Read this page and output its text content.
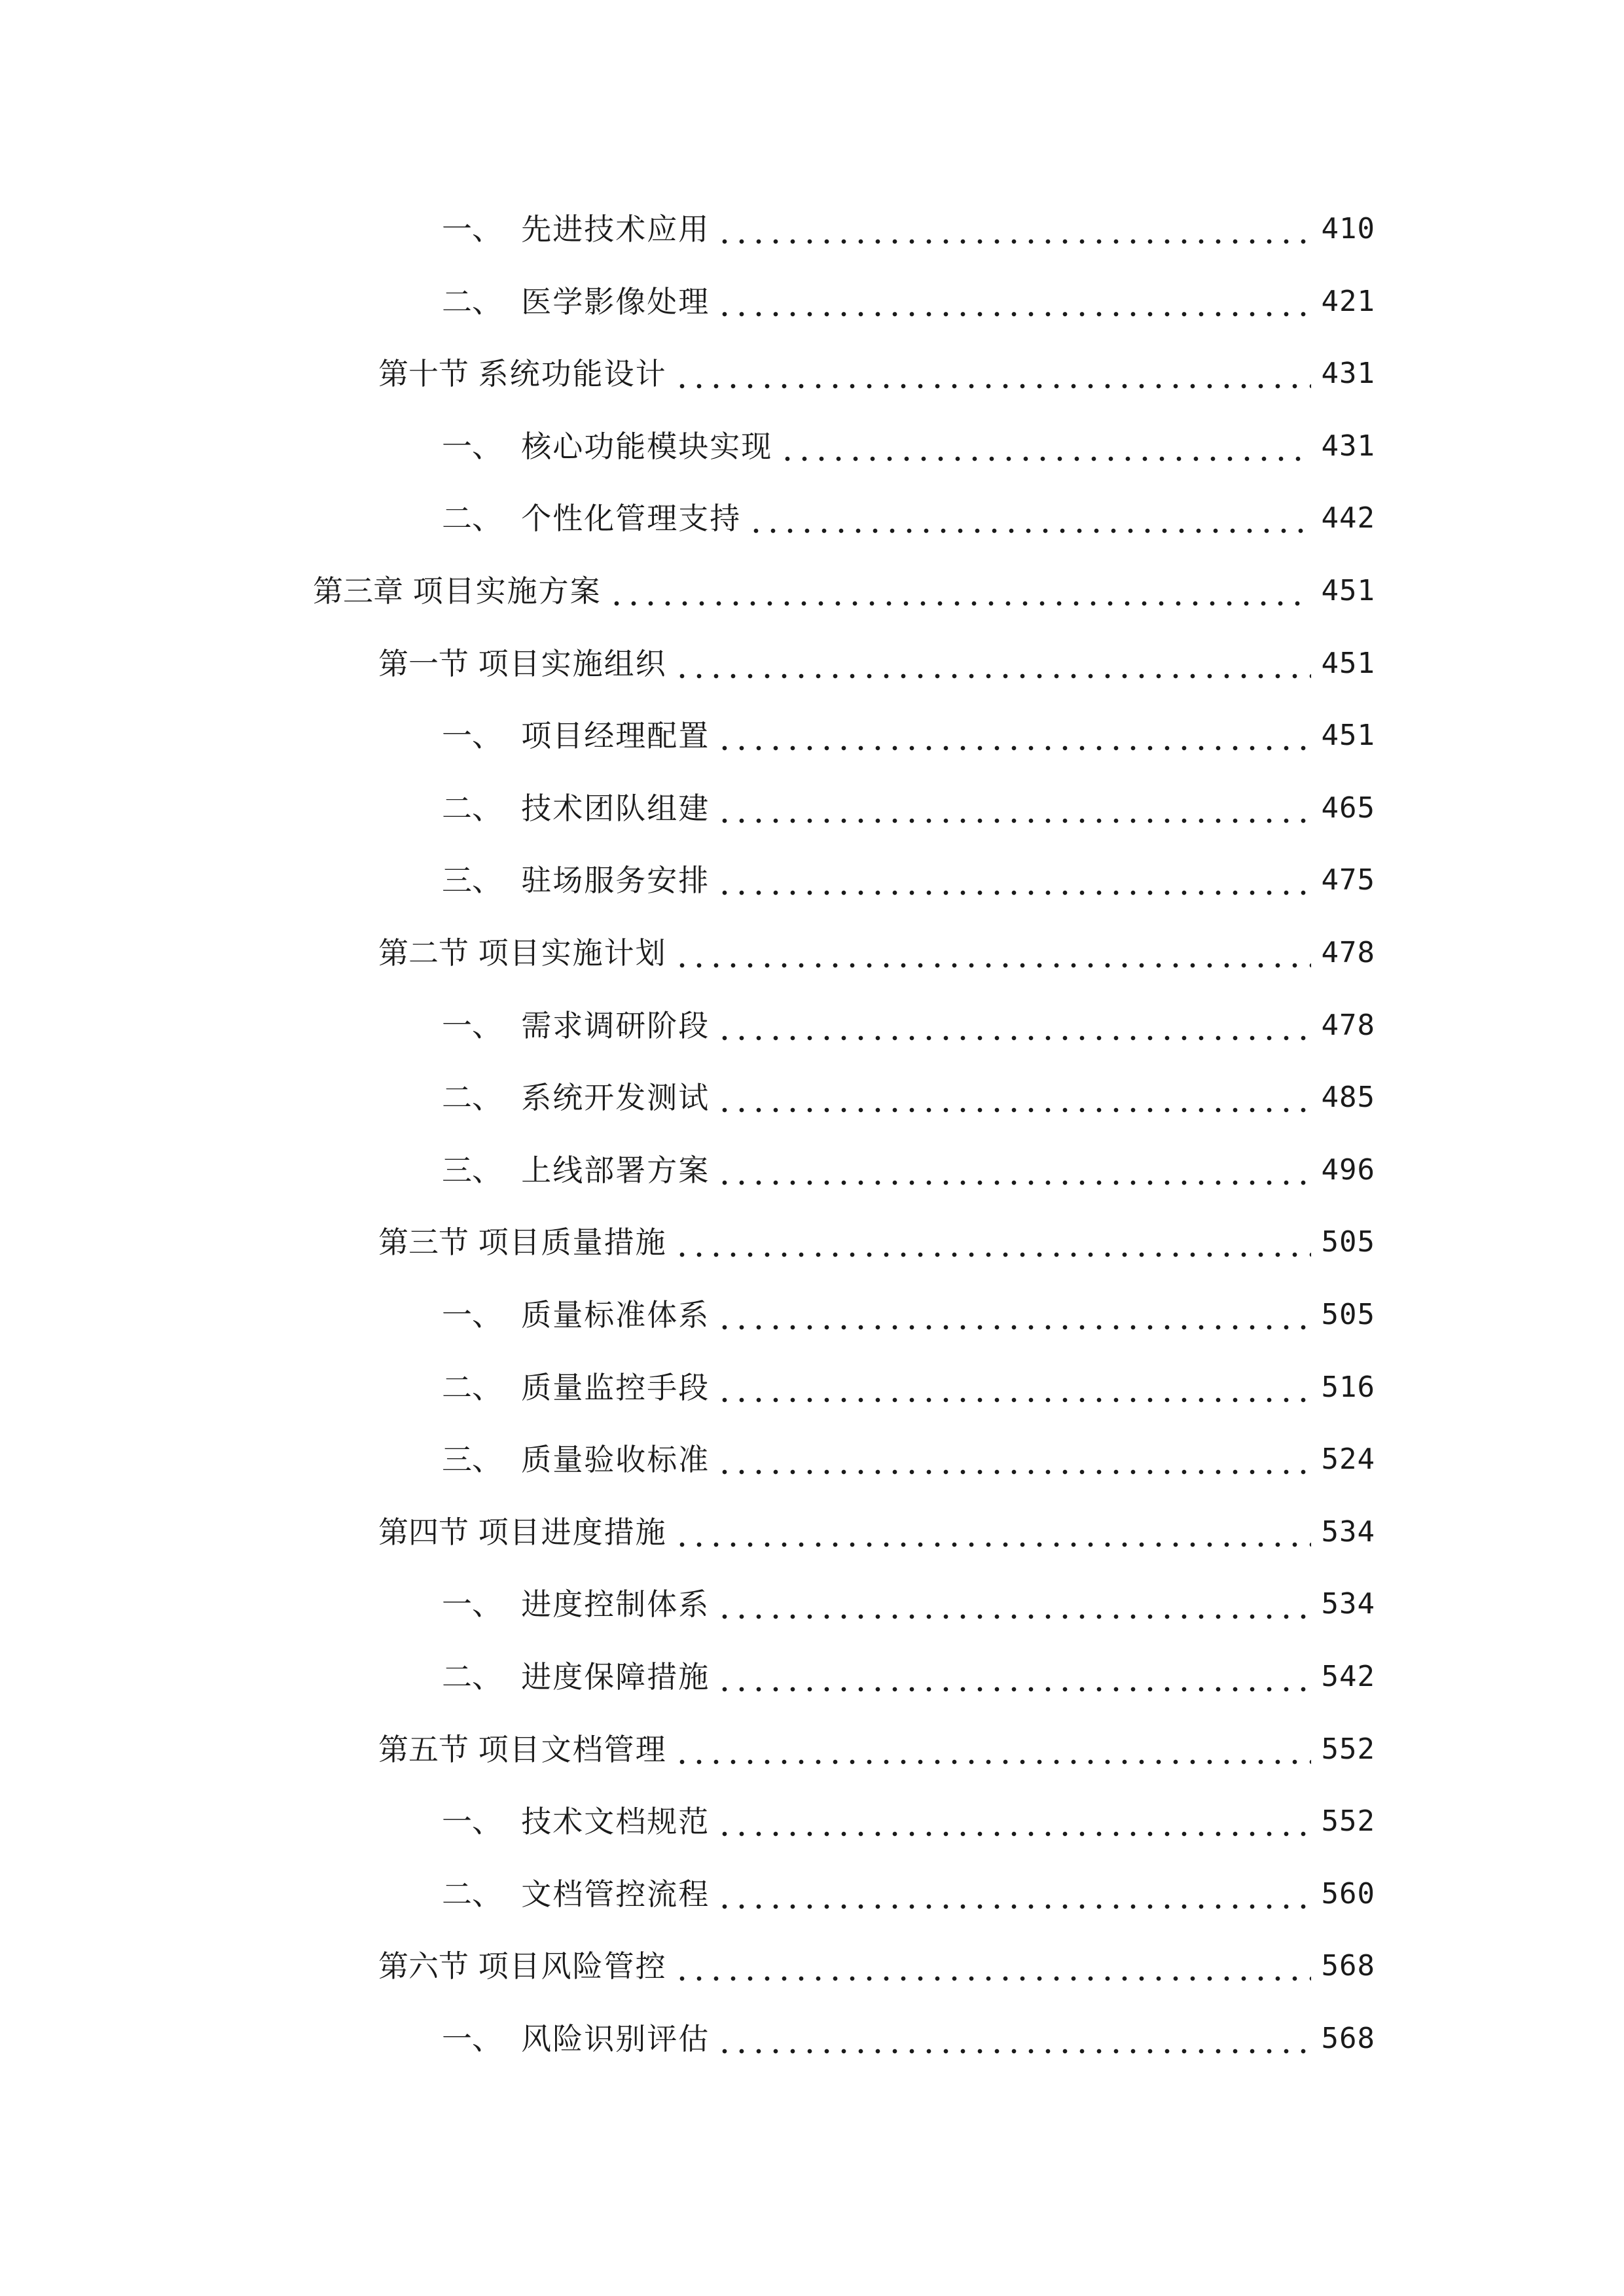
一、 先进技术应用	410
二、 医学影像处理	421
第十节 系统功能设计	431
一、 核心功能模块实现	431
二、 个性化管理支持	442
第三章 项目实施方案	451
第一节 项目实施组织	451
一、 项目经理配置	451
二、 技术团队组建	465
三、 驻场服务安排	475
第二节 项目实施计划	478
一、 需求调研阶段	478
二、 系统开发测试	485
三、 上线部署方案	496
第三节 项目质量措施	505
一、 质量标准体系	505
二、 质量监控手段	516
三、 质量验收标准	524
第四节 项目进度措施	534
一、 进度控制体系	534
二、 进度保障措施	542
第五节 项目文档管理	552
一、 技术文档规范	552
二、 文档管控流程	560
第六节 项目风险管控	568
一、 风险识别评估	568
